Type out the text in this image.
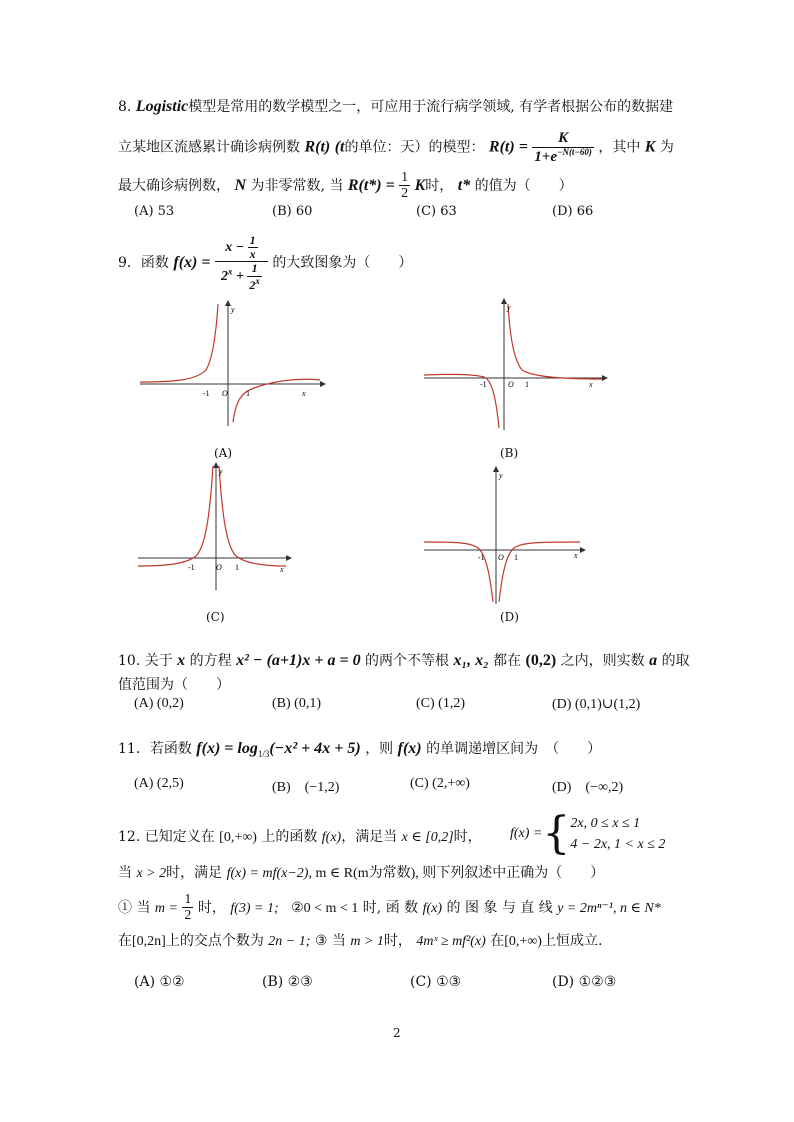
8. Logistic模型是常用的数学模型之一，可应用于流行病学领域, 有学者根据公布的数据建
立某地区流感累计确诊病例数 R(t) (t的单位：天）的模型： $R(t) = \frac{K}{1+e^{-N(t-60)}}$ ，其中 K 为
最大确诊病例数， N 为非零常数, 当 $R(t*) = \frac{1}{2}$ K时， t* 的值为（　　）
(A) 53	(B) 60	(C) 63	(D) 66
9．函数 $f(x) = \frac{x - \frac{1}{x}}{2^x + \frac{1}{2^x}}$ 的大致图象为（　　）
-1 O 1	x
y
(A)
-1	O 1	x
y
(B)
-1	O 1	x
y
(C)
-1 O 1	x
y
(D)
10. 关于 x 的方程 x² − (a+1)x + a = 0 的两个不等根 x₁, x₂ 都在 (0,2) 之内，则实数 a 的取
值范围为（　　）
(A) (0,2)	(B) (0,1)	(C) (1,2)	(D) (0,1)∪(1,2)
11．若函数 $f(x) = \log_{1/3}(-x^2 + 4x + 5)$ ，则 f(x) 的单调递增区间为　（　　）
(A) (2,5)	(B)　(−1,2)	(C) (2,+∞)	(D)　(−∞,2)
12. 已知定义在 [0,+∞) 上的函数 f(x)，满足当 x ∈ [0,2]时， f(x) = { 2x, 0 ≤ x ≤ 1
4 − 2x, 1 < x ≤ 2
当 x > 2时，满足 f(x) = mf(x−2), m ∈ R(m为常数), 则下列叙述中正确为（　　）
① 当 $m = \frac{1}{2}$ 时， f(3) = 1; ②0 < m < 1 时, 函 数 f(x) 的 图 象 与 直 线 y = 2mⁿ⁻¹, n ∈ N*
在[0,2n]上的交点个数为 2n − 1; ③ 当 m > 1时， 4mˣ ≥ mf²(x) 在[0,+∞)上恒成立.
(A) ①②	(B) ②③	(C) ①③	(D) ①②③
2
